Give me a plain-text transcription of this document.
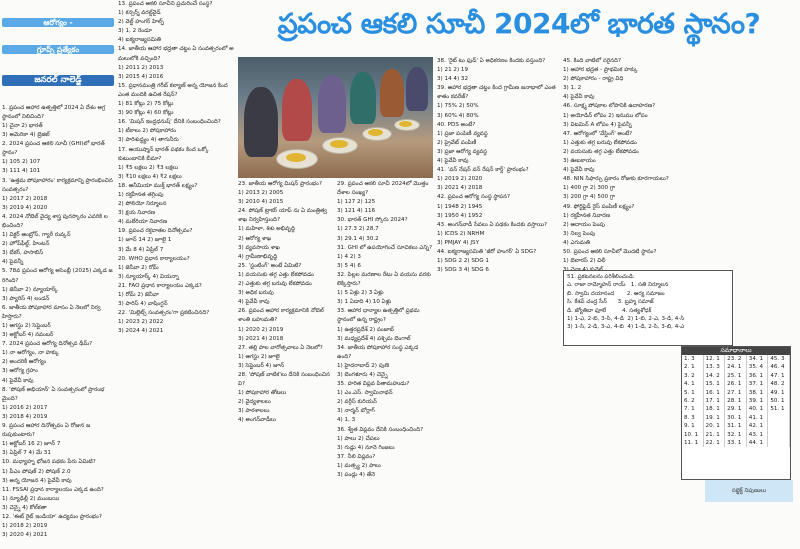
ఆరోగ్యం -

గ్రూప్స్ ప్రత్యేకం

జనరల్ నాలెడ్జ్

1. ప్రపంచ ఆహార ఉత్పత్తిలో 2024 ఏ దేశం అగ్రస్థానంలో నిలిచింది?
1) చైనా 2) భారత్
3) అమెరికా 4) బ్రెజిల్
2. 2024 ప్రపంచ ఆకలి సూచీ (GHI)లో భారత్ స్థానం?
1) 105 2) 107
3) 111 4) 101
3. 'ఉత్తమ పోషకాహారం' కార్యక్రమాన్ని ప్రారంభించిన సంవత్సరం?
1) 2017 2) 2018
3) 2019 4) 2020
4. 2024 నోబెల్ వైద్య శాస్త్ర పురస్కారం ఎవరికి లభించింది?
1) విక్టర్ ఆంబ్రోస్, గ్యారీ రువ్కన్
2) హోప్‌ఫీల్డ్, హింటన్
3) బేకర్, హసాబిస్
4) పైవన్నీ
5. 78వ ప్రపంచ ఆరోగ్య అసెంబ్లీ (2025) ఎక్కడ జరిగింది?
1) జెనీవా 2) న్యూయార్క్
3) ప్యారిస్ 4) లండన్
6. జాతీయ పోషకాహార మాసం ఏ నెలలో నిర్వహిస్తారు?
1) ఆగస్టు 2) సెప్టెంబర్
3) అక్టోబర్ 4) నవంబర్
7. 2024 ప్రపంచ ఆరోగ్య దినోత్సవ థీమ్?
1) నా ఆరోగ్యం, నా హక్కు
2) అందరికీ ఆరోగ్యం
3) ఆరోగ్య గ్రహం
4) పైవేవీ కావు
8. 'పోషణ్ అభియాన్' ఏ సంవత్సరంలో ప్రారంభమైంది?
1) 2016 2) 2017
3) 2018 4) 2019
9. ప్రపంచ ఆహార దినోత్సవం ఏ రోజున జరుపుకుంటారు?
1) అక్టోబర్ 16 2) జూన్ 7
3) ఏప్రిల్ 7 4) మే 31
10. మధ్యాహ్న భోజన పథకం పేరు ఏమిటి?
1) పీఎం పోషణ్ 2) పోషణ్ 2.0
3) అన్న యోజన 4) పైవేవీ కావు
11. FSSAI ప్రధాన కార్యాలయం ఎక్కడ ఉంది?
1) న్యూఢిల్లీ 2) ముంబయి
3) చెన్నై 4) కోల్‌కతా
12. 'ఈట్ రైట్ ఇండియా' ఉద్యమం ప్రారంభం?
1) 2018 2) 2019
3) 2020 4) 2021

13. ప్రపంచ ఆకలి సూచీని ప్రచురించే సంస్థ?
1) కన్సర్న్ వరల్డ్‌వైడ్
2) వెల్ట్ హంగర్ హిల్ఫ్
3) 1, 2 రెండూ
4) ఐక్యరాజ్యసమితి
14. జాతీయ ఆహార భద్రతా చట్టం ఏ సంవత్సరంలో అమలులోకి వచ్చింది?
1) 2011 2) 2013
3) 2015 4) 2016
15. ప్రధానమంత్రి గరీబ్ కల్యాణ్ అన్న యోజన కింద ఎంత మందికి ఉచిత రేషన్?
1) 81 కోట్లు 2) 75 కోట్లు
3) 90 కోట్లు 4) 60 కోట్లు
16. 'మిషన్ ఇంద్రధనుష్' దేనికి సంబంధించింది?
1) టీకాలు 2) పోషకాహారం
3) పారిశుద్ధ్యం 4) తాగునీరు
17. ఆయుష్మాన్ భారత్ పథకం కింద ఒక్కో కుటుంబానికి బీమా?
1) ₹5 లక్షలు 2) ₹3 లక్షలు
3) ₹10 లక్షలు 4) ₹2 లక్షలు
18. ఆనీమియా ముక్త్ భారత్ లక్ష్యం?
1) రక్తహీనత తగ్గింపు
2) పోలియో నిర్మూలన
3) క్షయ నివారణ
4) మలేరియా నివారణ
19. ప్రపంచ రక్తదాతల దినోత్సవం?
1) జూన్ 14 2) జూలై 1
3) మే 8 4) ఏప్రిల్ 7
20. WHO ప్రధాన కార్యాలయం?
1) జెనీవా 2) రోమ్
3) న్యూయార్క్ 4) వియన్నా
21. FAO ప్రధాన కార్యాలయం ఎక్కడ?
1) రోమ్ 2) జెనీవా
3) పారిస్ 4) వాషింగ్టన్
22. 'మిల్లెట్స్ సంవత్సరం'గా ప్రకటించినది?
1) 2023 2) 2022
3) 2024 4) 2021
ప్రపంచ ఆకలి సూచీ 2024లో భారత స్థానం?
23. జాతీయ ఆరోగ్య మిషన్ ప్రారంభం?
1) 2013 2) 2005
3) 2010 4) 2015
24. పోషణ్ ట్రాకర్ యాప్ ను ఏ మంత్రిత్వ శాఖ నిర్వహిస్తుంది?
1) మహిళా, శిశు అభివృద్ధి
2) ఆరోగ్య శాఖ
3) వ్యవసాయ శాఖ
4) గ్రామీణాభివృద్ధి
25. 'స్టంటింగ్' అంటే ఏమిటి?
1) వయసుకు తగ్గ ఎత్తు లేకపోవడం
2) ఎత్తుకు తగ్గ బరువు లేకపోవడం
3) అధిక బరువు
4) పైవేవీ కావు
26. ప్రపంచ ఆహార కార్యక్రమానికి నోబెల్ శాంతి బహుమతి?
1) 2020 2) 2019
3) 2021 4) 2018
27. తల్లి పాల వారోత్సవాలు ఏ నెలలో?
1) ఆగస్టు 2) జూలై
3) సెప్టెంబర్ 4) జూన్
28. 'పోషణ్ వాటిక'లు దేనికి సంబంధించినవి?
1) పోషకాహార తోటలు
2) వైద్యశాలలు
3) పాఠశాలలు
4) అంగన్‌వాడీలు
29. ప్రపంచ ఆకలి సూచీ 2024లో మొత్తం దేశాల సంఖ్య?
1) 127 2) 125
3) 121 4) 116
30. భారత్ GHI స్కోరు 2024?
1) 27.3 2) 28.7
3) 29.1 4) 30.2
31. GHI లో ఉపయోగించే సూచికలు ఎన్ని?
1) 4 2) 3
3) 5 4) 6
32. పిల్లల మరణాల రేటు ఏ వయసు వరకు లెక్కిస్తారు?
1) 5 ఏళ్లు 2) 3 ఏళ్లు
3) 1 ఏడాది 4) 10 ఏళ్లు
33. ఆహార ధాన్యాల ఉత్పత్తిలో ప్రథమ స్థానంలో ఉన్న రాష్ట్రం?
1) ఉత్తరప్రదేశ్ 2) పంజాబ్
3) మధ్యప్రదేశ్ 4) పశ్చిమ బెంగాల్
34. జాతీయ పోషకాహార సంస్థ ఎక్కడ ఉంది?
1) హైదరాబాద్ 2) పుణె
3) బెంగళూరు 4) చెన్నై
35. హరిత విప్లవ పితామహుడు?
1) ఎం.ఎస్. స్వామినాథన్
2) వర్గీస్ కురియన్
3) నార్మన్ బోర్లాగ్
4) 1, 3
36. శ్వేత విప్లవం దేనికి సంబంధించింది?
1) పాలు 2) చేపలు
3) గుడ్లు 4) నూనె గింజలు
37. నీలి విప్లవం?
1) మత్స్య 2) పాలు
3) పండ్లు 4) తేనె
38. 'రైట్ టు ఫుడ్' ఏ అధికరణం కిందకు వస్తుంది?
1) 21 2) 19
3) 14 4) 32
39. ఆహార భద్రతా చట్టం కింద గ్రామీణ జనాభాలో ఎంత శాతం కవరేజ్?
1) 75% 2) 50%
3) 60% 4) 80%
40. PDS అంటే?
1) ప్రజా పంపిణీ వ్యవస్థ
2) ప్రైవేట్ పంపిణీ
3) ప్రజా ఆరోగ్య వ్యవస్థ
4) పైవేవీ కావు
41. 'వన్ నేషన్ వన్ రేషన్ కార్డ్' ప్రారంభం?
1) 2019 2) 2020
3) 2021 4) 2018
42. ప్రపంచ ఆరోగ్య సంస్థ స్థాపన?
1) 1948 2) 1945
3) 1950 4) 1952
43. అంగన్‌వాడీ సేవలు ఏ పథకం కిందకు వస్తాయి?
1) ICDS 2) NRHM
3) PMJAY 4) JSY
44. ఐక్యరాజ్యసమితి 'జీరో హంగర్' ఏ SDG?
1) SDG 2 2) SDG 1
3) SDG 3 4) SDG 6
45. కింది వాటిలో సరైనది?
1) ఆహార భద్రత - ప్రాథమిక హక్కు
2) పోషకాహారం - రాష్ట్ర విధి
3) 1, 2
4) పైవేవీ కావు
46. సూక్ష్మ పోషకాల లోపానికి ఉదాహరణ?
1) అయోడిన్ లోపం 2) ఇనుము లోపం
3) విటమిన్ A లోపం 4) పైవన్నీ
47. ఆరోగ్యంలో 'వేస్టింగ్' అంటే?
1) ఎత్తుకు తగ్గ బరువు లేకపోవడం
2) వయసుకు తగ్గ ఎత్తు లేకపోవడం
3) ఊబకాయం
4) పైవేవీ కావు
48. NIN సిఫార్సు ప్రకారం రోజుకు కూరగాయలు?
1) 400 గ్రా 2) 300 గ్రా
3) 200 గ్రా 4) 500 గ్రా
49. ఫోర్టిఫైడ్ రైస్ పంపిణీ లక్ష్యం?
1) రక్తహీనత నివారణ
2) ఆదాయం పెంపు
3) నిల్వ పెంపు
4) ఎగుమతి
50. ప్రపంచ ఆకలి సూచీలో మొదటి స్థానం?
1) బెలారస్ 2) చిలీ

51. ప్రకటనలను పరిశీలించండి:
ఎ. రాజా రామ్మోహన్ రాయ్   1. సతి నిర్మూలన
బి. స్వామి దయానంద       2. ఆర్య సమాజం
సి. కేశవ్ చంద్ర సేన్      3. బ్రహ్మ సమాజ్
డి. జ్యోతిబా ఫూలే         4. సత్యశోధక్
1) 1-ఎ, 2-బి, 3-సి, 4-డి  2) 1-బి, 2-ఎ, 3-డి, 4-సి
3) 1-సి, 2-డి, 3-ఎ, 4-బి  4) 1-డి, 2-సి, 3-బి, 4-ఎ
సమాధానాలు
1. 3	12. 1	23. 2	34. 1	45. 3
2. 1	13. 3	24. 1	35. 4	46. 4
3. 2	14. 2	25. 1	36. 1	47. 1
4. 1	15. 1	26. 1	37. 1	48. 2
5. 1	16. 1	27. 1	38. 1	49. 1
6. 2	17. 1	28. 1	39. 1	50. 1
7. 1	18. 1	29. 1	40. 1	51. 1
8. 3	19. 1	30. 1	41. 1	
9. 1	20. 1	31. 1	42. 1	
10. 1	21. 1	32. 1	43. 1	
11. 1	22. 1	33. 1	44. 1	
సబ్జెక్ట్ నిపుణులు
